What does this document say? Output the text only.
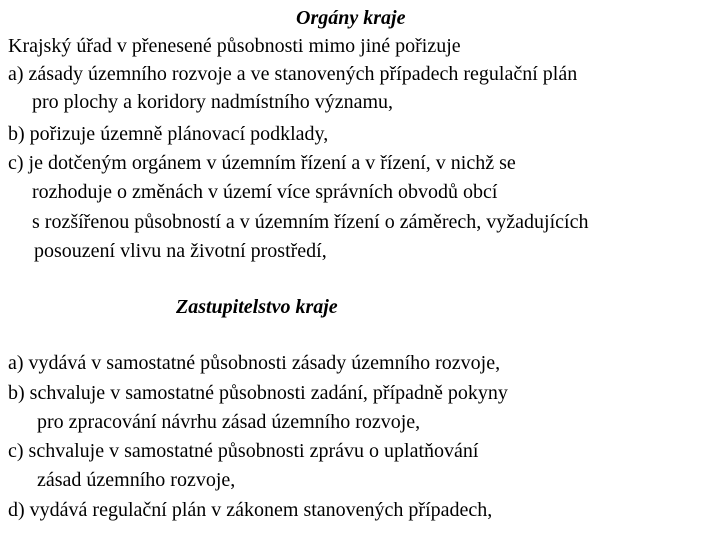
Orgány kraje
Krajský úřad v přenesené působnosti mimo jiné pořizuje
a) zásady územního rozvoje a ve stanovených případech regulační plán
pro plochy a koridory nadmístního významu,
b) pořizuje územně plánovací podklady,
c) je dotčeným orgánem v územním řízení a v řízení, v nichž se
rozhoduje o změnách v území více správních obvodů obcí
s rozšířenou působností a v územním řízení o záměrech, vyžadujících
posouzení vlivu na životní prostředí,
Zastupitelstvo kraje
a) vydává v samostatné působnosti zásady územního rozvoje,
b) schvaluje v samostatné působnosti zadání, případně pokyny
pro zpracování návrhu zásad územního rozvoje,
c) schvaluje v samostatné působnosti zprávu o uplatňování
zásad územního rozvoje,
d) vydává regulační plán v zákonem stanovených případech,
